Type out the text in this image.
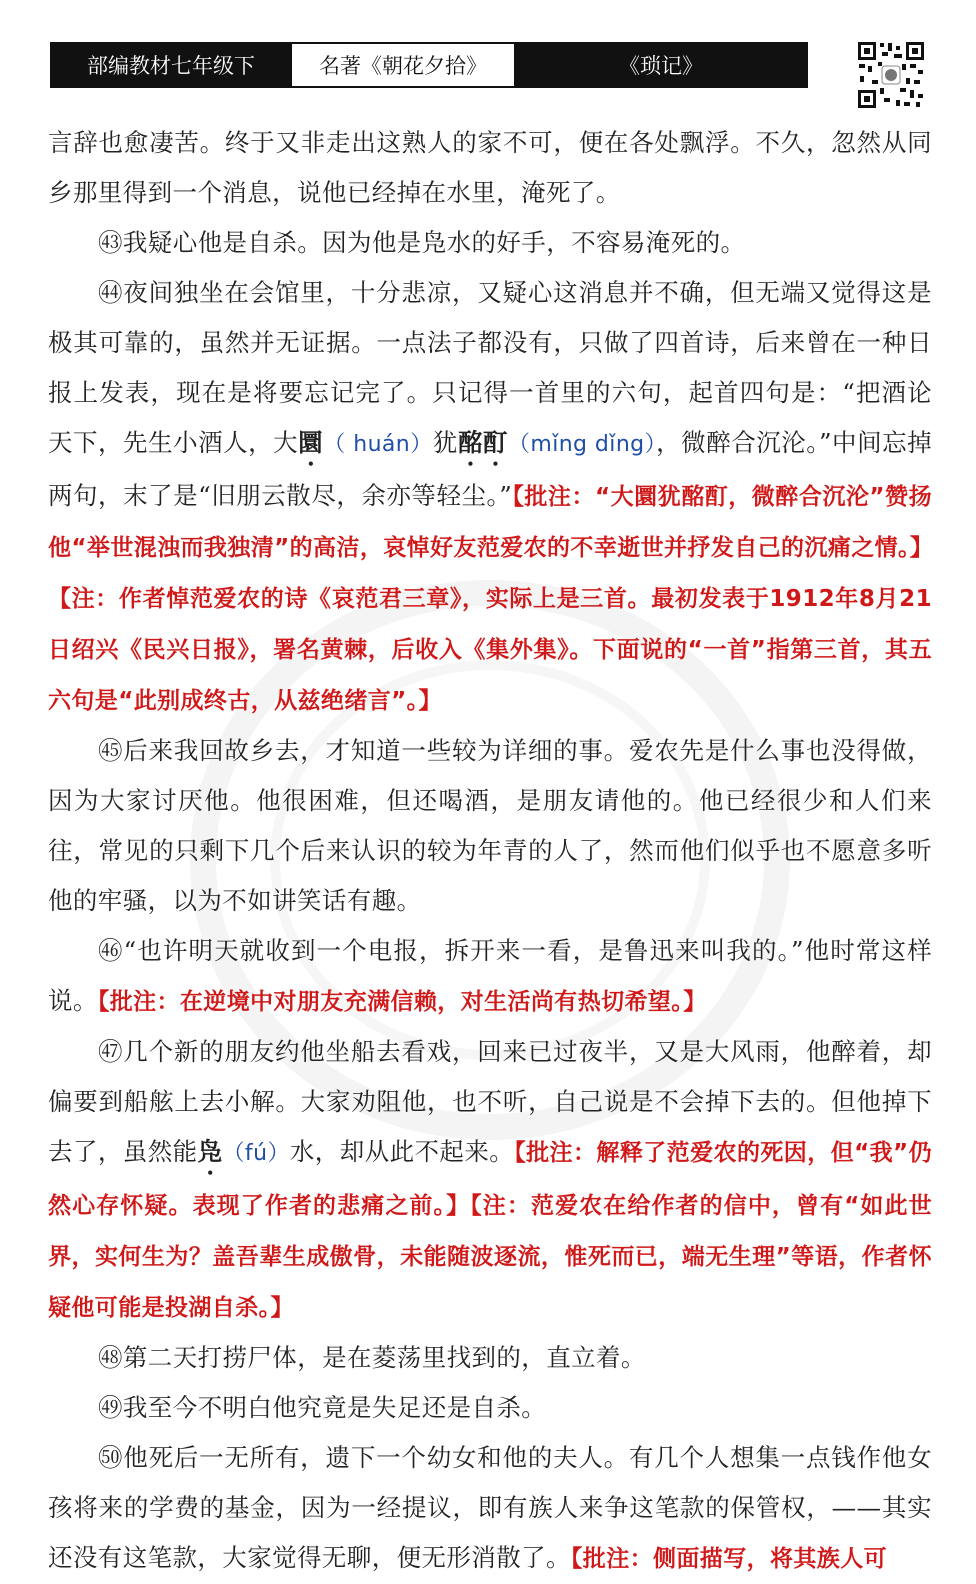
部编教材七年级下	名著《朝花夕拾》	《琐记》

言辞也愈凄苦。终于又非走出这熟人的家不可，便在各处飘浮。不久，忽然从同乡那里得到一个消息，说他已经掉在水里，淹死了。

㊸我疑心他是自杀。因为他是凫水的好手，不容易淹死的。

㊹夜间独坐在会馆里，十分悲凉，又疑心这消息并不确，但无端又觉得这是极其可靠的，虽然并无证据。一点法子都没有，只做了四首诗，后来曾在一种日报上发表，现在是将要忘记完了。只记得一首里的六句，起首四句是：“把酒论天下，先生小酒人，大圜（ huán）犹酩酊（mǐng dǐng），微醉合沉沦。”中间忘掉两句，末了是“旧朋云散尽，余亦等轻尘。”【批注：“大圜犹酩酊，微醉合沉沦”赞扬他“举世混浊而我独清”的高洁，哀悼好友范爱农的不幸逝世并抒发自己的沉痛之情。】【注：作者悼范爱农的诗《哀范君三章》，实际上是三首。最初发表于1912年8月21日绍兴《民兴日报》，署名黄棘，后收入《集外集》。下面说的“一首”指第三首，其五六句是“此别成终古，从兹绝绪言”。】

㊺后来我回故乡去，才知道一些较为详细的事。爱农先是什么事也没得做，因为大家讨厌他。他很困难，但还喝酒，是朋友请他的。他已经很少和人们来往，常见的只剩下几个后来认识的较为年青的人了，然而他们似乎也不愿意多听他的牢骚，以为不如讲笑话有趣。

㊻“也许明天就收到一个电报，拆开来一看，是鲁迅来叫我的。”他时常这样说。【批注：在逆境中对朋友充满信赖，对生活尚有热切希望。】

㊼几个新的朋友约他坐船去看戏，回来已过夜半，又是大风雨，他醉着，却偏要到船舷上去小解。大家劝阻他，也不听，自己说是不会掉下去的。但他掉下去了，虽然能凫（fú）水，却从此不起来。【批注：解释了范爱农的死因，但“我”仍然心存怀疑。表现了作者的悲痛之前。】【注：范爱农在给作者的信中，曾有“如此世界，实何生为？盖吾辈生成傲骨，未能随波逐流，惟死而已，端无生理”等语，作者怀疑他可能是投湖自杀。】

㊽第二天打捞尸体，是在菱荡里找到的，直立着。

㊾我至今不明白他究竟是失足还是自杀。

㊿他死后一无所有，遗下一个幼女和他的夫人。有几个人想集一点钱作他女孩将来的学费的基金，因为一经提议，即有族人来争这笔款的保管权，——其实还没有这笔款，大家觉得无聊，便无形消散了。【批注：侧面描写，将其族人可
